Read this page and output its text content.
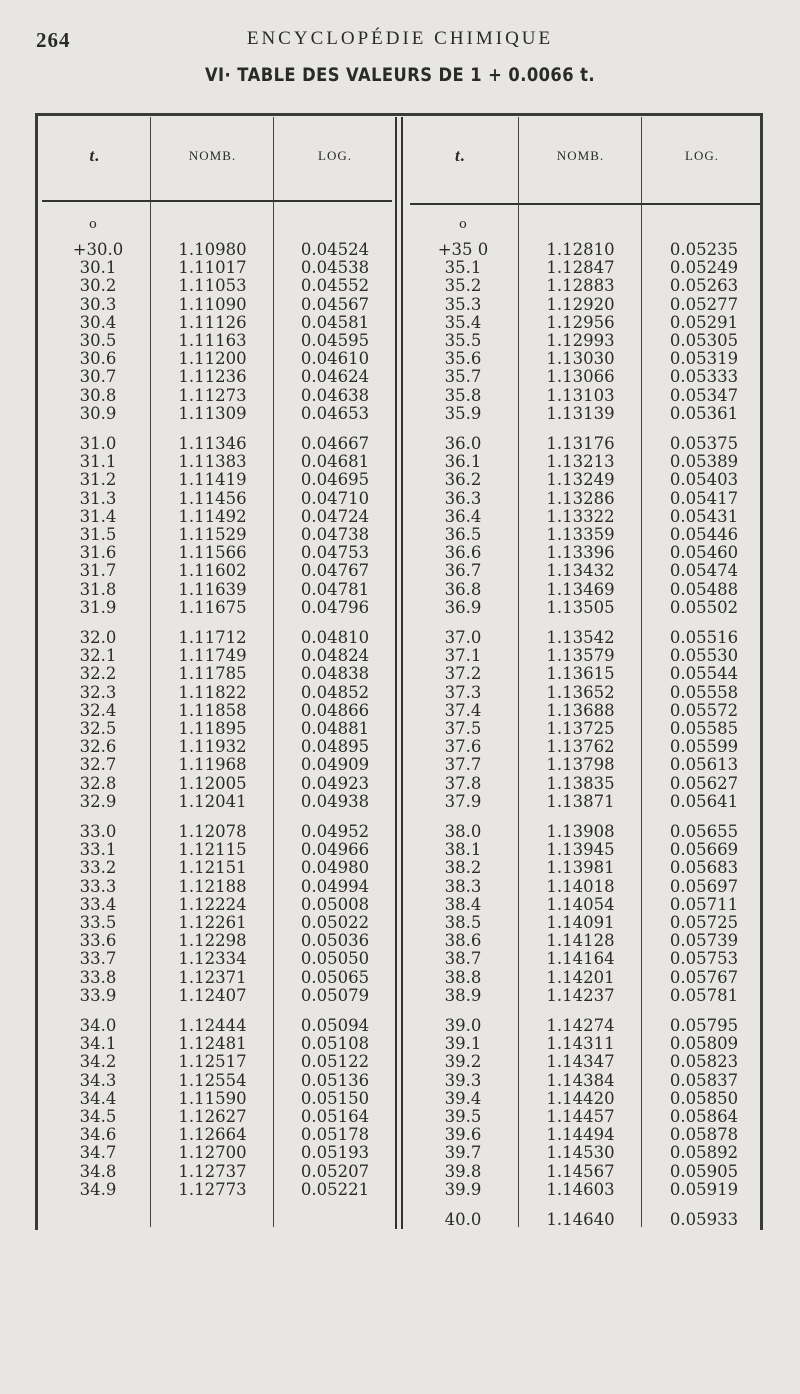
264	ENCYCLOPÉDIE CHIMIQUE
VI· TABLE DES VALEURS DE 1 + 0.0066 t.
t.	NOMB.	LOG.	t.	NOMB.	LOG.
o	o
+30.0	1.10980	0.04524
30.1	1.11017	0.04538
30.2	1.11053	0.04552
30.3	1.11090	0.04567
30.4	1.11126	0.04581
30.5	1.11163	0.04595
30.6	1.11200	0.04610
30.7	1.11236	0.04624
30.8	1.11273	0.04638
30.9	1.11309	0.04653
31.0	1.11346	0.04667
31.1	1.11383	0.04681
31.2	1.11419	0.04695
31.3	1.11456	0.04710
31.4	1.11492	0.04724
31.5	1.11529	0.04738
31.6	1.11566	0.04753
31.7	1.11602	0.04767
31.8	1.11639	0.04781
31.9	1.11675	0.04796
32.0	1.11712	0.04810
32.1	1.11749	0.04824
32.2	1.11785	0.04838
32.3	1.11822	0.04852
32.4	1.11858	0.04866
32.5	1.11895	0.04881
32.6	1.11932	0.04895
32.7	1.11968	0.04909
32.8	1.12005	0.04923
32.9	1.12041	0.04938
33.0	1.12078	0.04952
33.1	1.12115	0.04966
33.2	1.12151	0.04980
33.3	1.12188	0.04994
33.4	1.12224	0.05008
33.5	1.12261	0.05022
33.6	1.12298	0.05036
33.7	1.12334	0.05050
33.8	1.12371	0.05065
33.9	1.12407	0.05079
34.0	1.12444	0.05094
34.1	1.12481	0.05108
34.2	1.12517	0.05122
34.3	1.12554	0.05136
34.4	1.11590	0.05150
34.5	1.12627	0.05164
34.6	1.12664	0.05178
34.7	1.12700	0.05193
34.8	1.12737	0.05207
34.9	1.12773	0.05221
+35 0	1.12810	0.05235
35.1	1.12847	0.05249
35.2	1.12883	0.05263
35.3	1.12920	0.05277
35.4	1.12956	0.05291
35.5	1.12993	0.05305
35.6	1.13030	0.05319
35.7	1.13066	0.05333
35.8	1.13103	0.05347
35.9	1.13139	0.05361
36.0	1.13176	0.05375
36.1	1.13213	0.05389
36.2	1.13249	0.05403
36.3	1.13286	0.05417
36.4	1.13322	0.05431
36.5	1.13359	0.05446
36.6	1.13396	0.05460
36.7	1.13432	0.05474
36.8	1.13469	0.05488
36.9	1.13505	0.05502
37.0	1.13542	0.05516
37.1	1.13579	0.05530
37.2	1.13615	0.05544
37.3	1.13652	0.05558
37.4	1.13688	0.05572
37.5	1.13725	0.05585
37.6	1.13762	0.05599
37.7	1.13798	0.05613
37.8	1.13835	0.05627
37.9	1.13871	0.05641
38.0	1.13908	0.05655
38.1	1.13945	0.05669
38.2	1.13981	0.05683
38.3	1.14018	0.05697
38.4	1.14054	0.05711
38.5	1.14091	0.05725
38.6	1.14128	0.05739
38.7	1.14164	0.05753
38.8	1.14201	0.05767
38.9	1.14237	0.05781
39.0	1.14274	0.05795
39.1	1.14311	0.05809
39.2	1.14347	0.05823
39.3	1.14384	0.05837
39.4	1.14420	0.05850
39.5	1.14457	0.05864
39.6	1.14494	0.05878
39.7	1.14530	0.05892
39.8	1.14567	0.05905
39.9	1.14603	0.05919
40.0	1.14640	0.05933
